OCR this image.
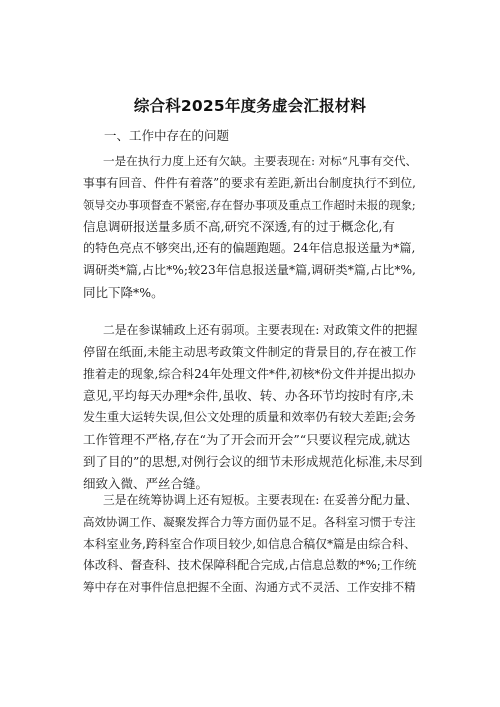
综合科2025年度务虚会汇报材料
一、工作中存在的问题
一是在执行力度上还有欠缺。主要表现在: 对标“凡事有交代、
事事有回音、件件有着落”的要求有差距,新出台制度执行不到位,
领导交办事项督查不紧密,存在督办事项及重点工作超时未报的现象;
信息调研报送量多质不高,研究不深透,有的过于概念化,有
的特色亮点不够突出,还有的偏题跑题。24年信息报送量为*篇,
调研类*篇,占比*%;较23年信息报送量*篇,调研类*篇,占比*%,
同比下降*%。
二是在参谋辅政上还有弱项。主要表现在: 对政策文件的把握
停留在纸面,未能主动思考政策文件制定的背景目的,存在被工作
推着走的现象,综合科24年处理文件*件,初核*份文件并提出拟办
意见,平均每天办理*余件,虽收、转、办各环节均按时有序,未
发生重大运转失误,但公文处理的质量和效率仍有较大差距;会务
工作管理不严格,存在“为了开会而开会”“只要议程完成,就达
到了目的”的思想,对例行会议的细节未形成规范化标准,未尽到
细致入微、严丝合缝。
三是在统筹协调上还有短板。主要表现在: 在妥善分配力量、
高效协调工作、凝聚发挥合力等方面仍显不足。各科室习惯于专注
本科室业务,跨科室合作项目较少,如信息合稿仅*篇是由综合科、
体改科、督查科、技术保障科配合完成,占信息总数的*%;工作统
筹中存在对事件信息把握不全面、沟通方式不灵活、工作安排不精
